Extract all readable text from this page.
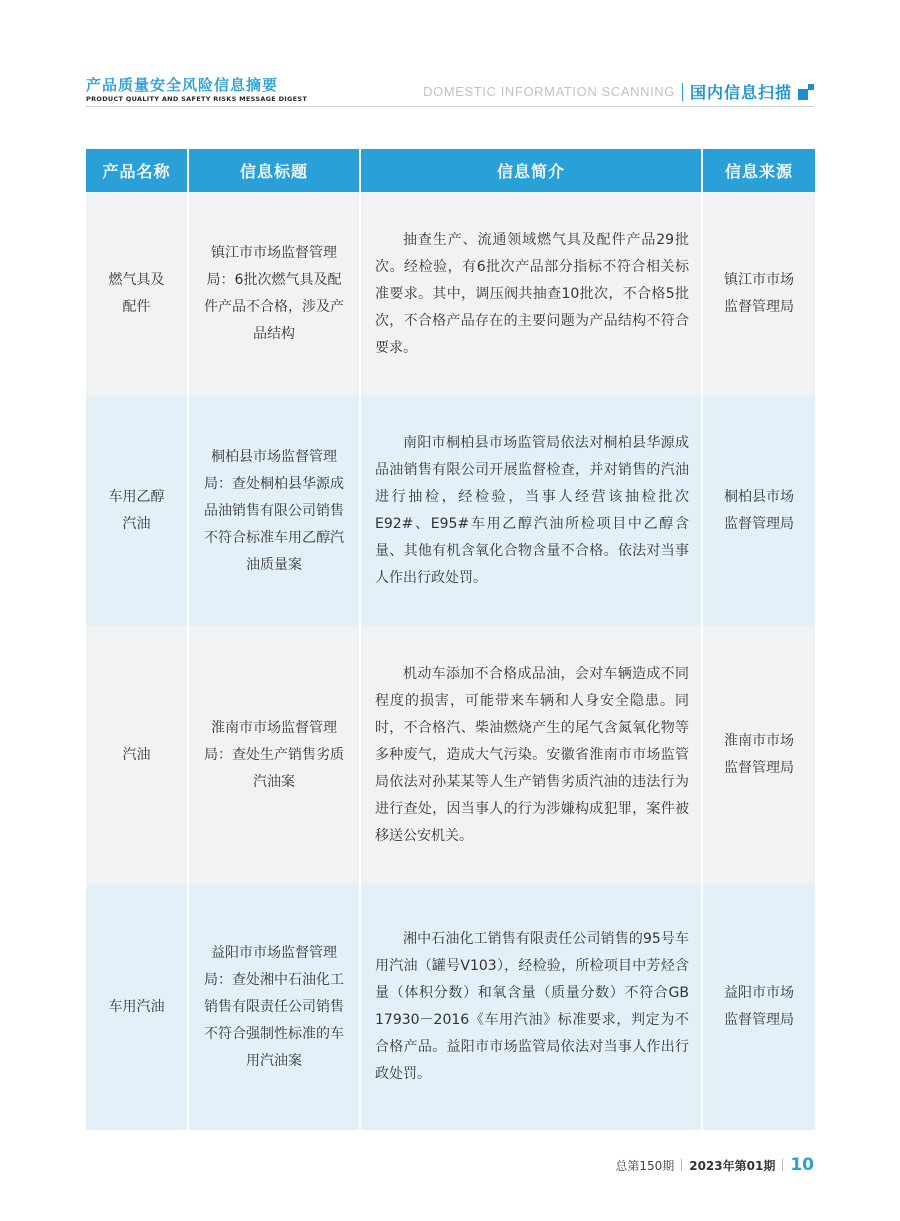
产品质量安全风险信息摘要
PRODUCT QUALITY AND SAFETY RISKS MESSAGE DIGEST	DOMESTIC INFORMATION SCANNING 国内信息扫描
产品名称	信息标题	信息简介	信息来源

燃气具及配件	镇江市市场监督管理局：6批次燃气具及配件产品不合格，涉及产品结构	抽查生产、流通领域燃气具及配件产品29批次。经检验，有6批次产品部分指标不符合相关标准要求。其中，调压阀共抽查10批次，不合格5批次，不合格产品存在的主要问题为产品结构不符合要求。	镇江市市场监督管理局

车用乙醇汽油	桐柏县市场监督管理局：查处桐柏县华源成品油销售有限公司销售不符合标准车用乙醇汽油质量案	南阳市桐柏县市场监管局依法对桐柏县华源成品油销售有限公司开展监督检查，并对销售的汽油进行抽检，经检验，当事人经营该抽检批次E92#、E95#车用乙醇汽油所检项目中乙醇含量、其他有机含氧化合物含量不合格。依法对当事人作出行政处罚。	桐柏县市场监督管理局

汽油	淮南市市场监督管理局：查处生产销售劣质汽油案	机动车添加不合格成品油，会对车辆造成不同程度的损害，可能带来车辆和人身安全隐患。同时，不合格汽、柴油燃烧产生的尾气含氮氧化物等多种废气，造成大气污染。安徽省淮南市市场监管局依法对孙某某等人生产销售劣质汽油的违法行为进行查处，因当事人的行为涉嫌构成犯罪，案件被移送公安机关。	淮南市市场监督管理局

车用汽油	益阳市市场监督管理局：查处湘中石油化工销售有限责任公司销售不符合强制性标准的车用汽油案	湘中石油化工销售有限责任公司销售的95号车用汽油（罐号V103），经检验，所检项目中芳烃含量（体积分数）和氧含量（质量分数）不符合GB 17930－2016《车用汽油》标准要求，判定为不合格产品。益阳市市场监管局依法对当事人作出行政处罚。	益阳市市场监督管理局
总第150期 2023年第01期 10
